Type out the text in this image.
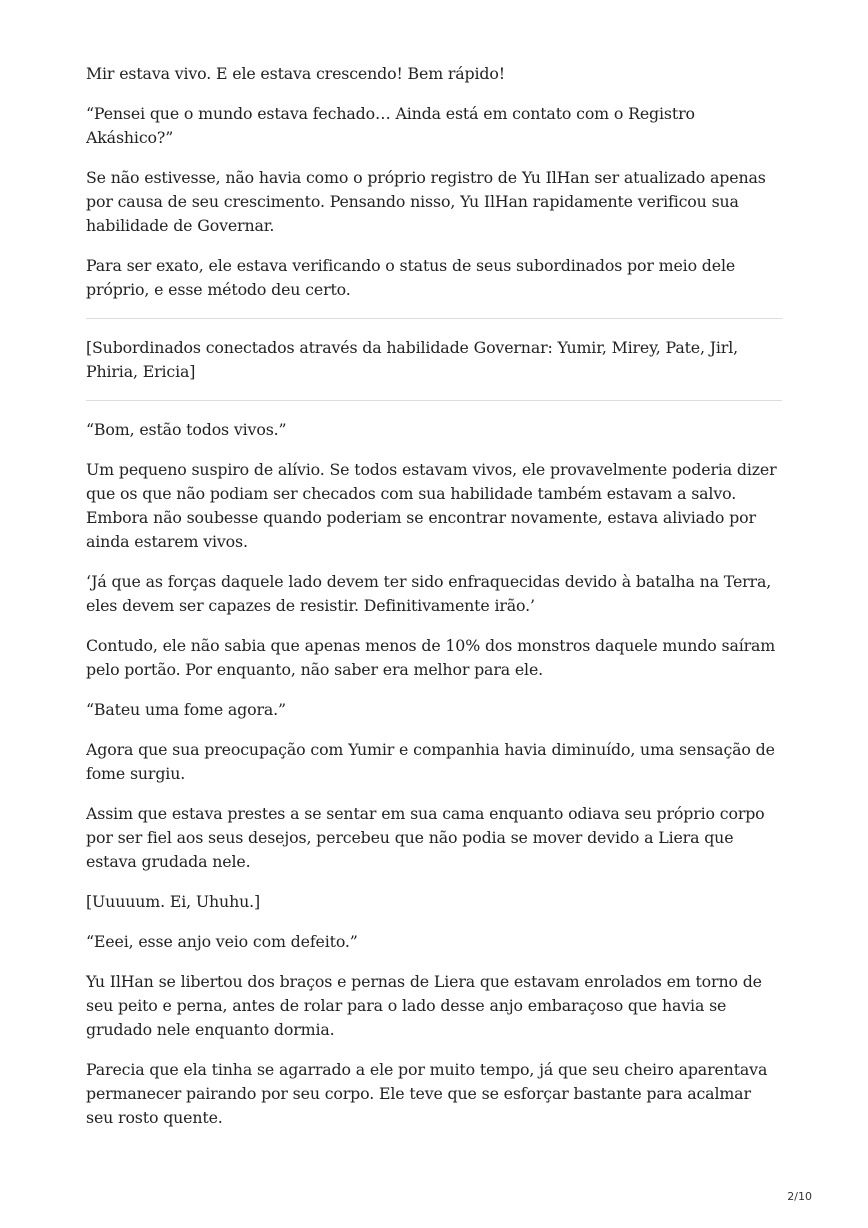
Mir estava vivo. E ele estava crescendo! Bem rápido!

“Pensei que o mundo estava fechado… Ainda está em contato com o Registro Akáshico?”

Se não estivesse, não havia como o próprio registro de Yu IlHan ser atualizado apenas por causa de seu crescimento. Pensando nisso, Yu IlHan rapidamente verificou sua habilidade de Governar.

Para ser exato, ele estava verificando o status de seus subordinados por meio dele próprio, e esse método deu certo.

[Subordinados conectados através da habilidade Governar: Yumir, Mirey, Pate, Jirl, Phiria, Ericia]

“Bom, estão todos vivos.”

Um pequeno suspiro de alívio. Se todos estavam vivos, ele provavelmente poderia dizer que os que não podiam ser checados com sua habilidade também estavam a salvo. Embora não soubesse quando poderiam se encontrar novamente, estava aliviado por ainda estarem vivos.

‘Já que as forças daquele lado devem ter sido enfraquecidas devido à batalha na Terra, eles devem ser capazes de resistir. Definitivamente irão.’

Contudo, ele não sabia que apenas menos de 10% dos monstros daquele mundo saíram pelo portão. Por enquanto, não saber era melhor para ele.

“Bateu uma fome agora.”

Agora que sua preocupação com Yumir e companhia havia diminuído, uma sensação de fome surgiu.

Assim que estava prestes a se sentar em sua cama enquanto odiava seu próprio corpo por ser fiel aos seus desejos, percebeu que não podia se mover devido a Liera que estava grudada nele.

[Uuuuum. Ei, Uhuhu.]

“Eeei, esse anjo veio com defeito.”

Yu IlHan se libertou dos braços e pernas de Liera que estavam enrolados em torno de seu peito e perna, antes de rolar para o lado desse anjo embaraçoso que havia se grudado nele enquanto dormia.

Parecia que ela tinha se agarrado a ele por muito tempo, já que seu cheiro aparentava permanecer pairando por seu corpo. Ele teve que se esforçar bastante para acalmar seu rosto quente.

2/10
